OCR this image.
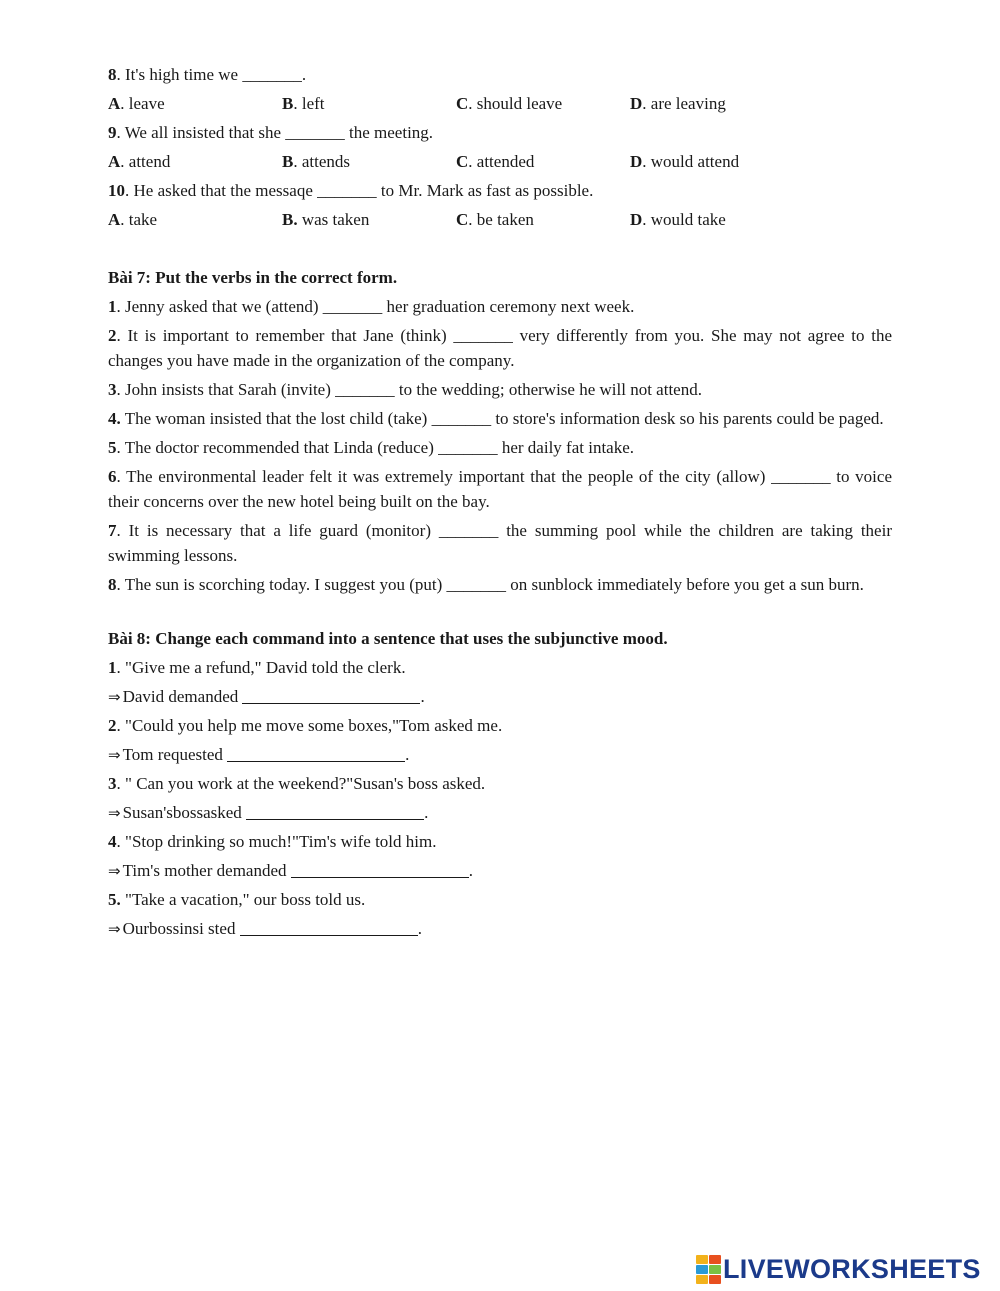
8. It's high time we _______.
A. leave	B. left	C. should leave	D. are leaving
9. We all insisted that she _______ the meeting.
A. attend	B. attends	C. attended	D. would attend
10. He asked that the messaqe _______ to Mr. Mark as fast as possible.
A. take	B. was taken	C. be taken	D. would take
Bài 7: Put the verbs in the correct form.
1. Jenny asked that we (attend) _______ her graduation ceremony next week.
2. It is important to remember that Jane (think) _______ very differently from you. She may not agree to the changes you have made in the organization of the company.
3. John insists that Sarah (invite) _______ to the wedding; otherwise he will not attend.
4. The woman insisted that the lost child (take) _______ to store's information desk so his parents could be paged.
5. The doctor recommended that Linda (reduce) _______ her daily fat intake.
6. The environmental leader felt it was extremely important that the people of the city (allow) _______ to voice their concerns over the new hotel being built on the bay.
7. It is necessary that a life guard (monitor) _______ the summing pool while the children are taking their swimming lessons.
8. The sun is scorching today. I suggest you (put) _______ on sunblock immediately before you get a sun burn.
Bài 8: Change each command into a sentence that uses the subjunctive mood.
1. "Give me a refund," David told the clerk.
⇒ David demanded	.
2. "Could you help me move some boxes,"Tom asked me.
⇒ Tom requested	.
3. " Can you work at the weekend?"Susan's boss asked.
⇒ Susan'sbossasked	.
4. "Stop drinking so much!"Tim's wife told him.
⇒ Tim's mother demanded	.
5. "Take a vacation," our boss told us.
⇒ Ourbossinsi sted	.
LIVEWORKSHEETS
